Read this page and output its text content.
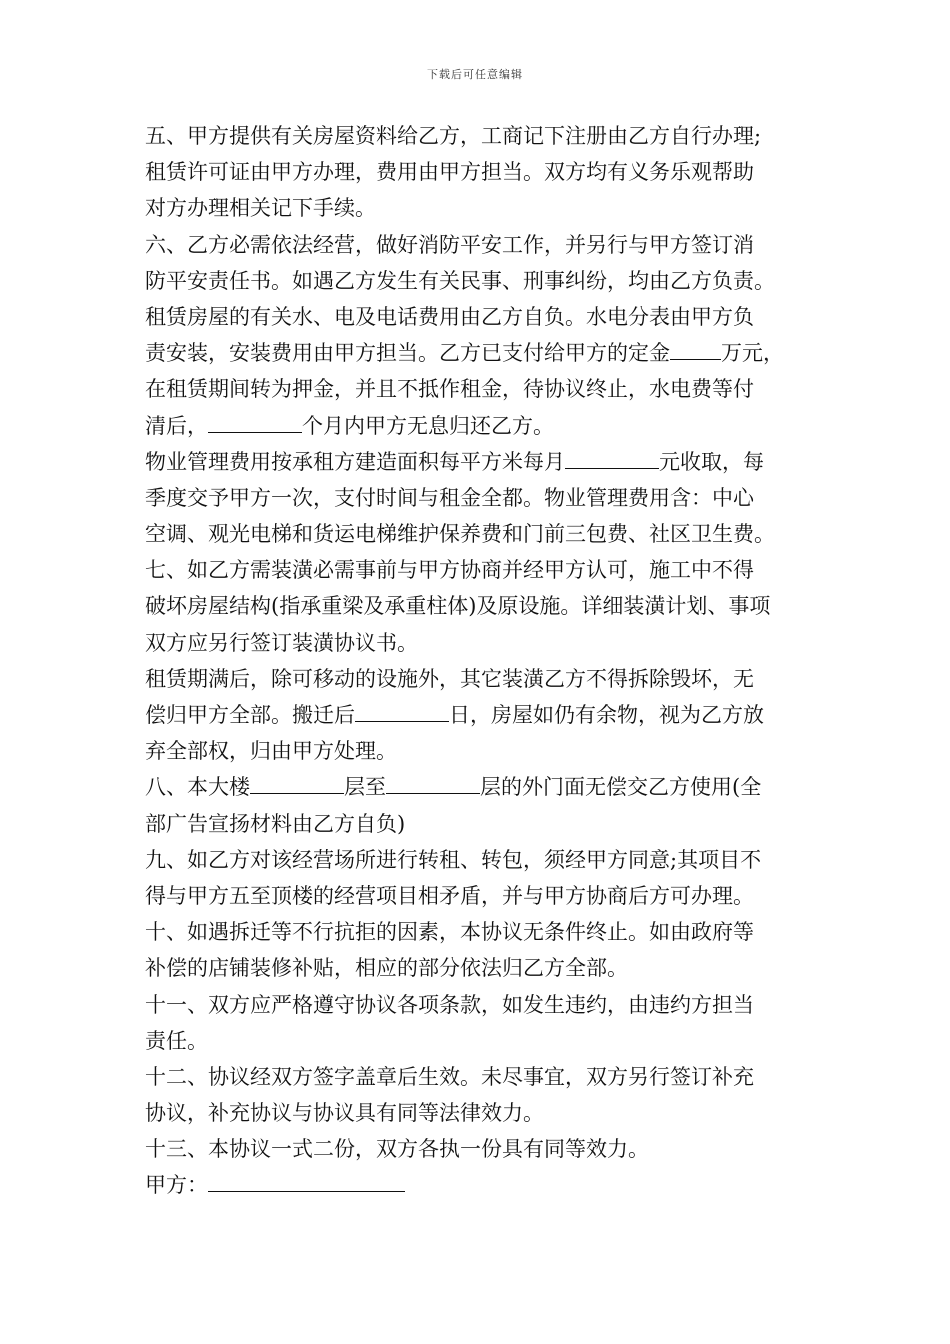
下载后可任意编辑
五、甲方提供有关房屋资料给乙方，工商记下注册由乙方自行办理;
租赁许可证由甲方办理，费用由甲方担当。双方均有义务乐观帮助
对方办理相关记下手续。
六、乙方必需依法经营，做好消防平安工作，并另行与甲方签订消
防平安责任书。如遇乙方发生有关民事、刑事纠纷，均由乙方负责。
租赁房屋的有关水、电及电话费用由乙方自负。水电分表由甲方负
责安装，安装费用由甲方担当。乙方已支付给甲方的定金 万元，
在租赁期间转为押金，并且不抵作租金，待协议终止，水电费等付
清后，	个月内甲方无息归还乙方。
物业管理费用按承租方建造面积每平方米每月	元收取，每
季度交予甲方一次，支付时间与租金全都。物业管理费用含：中心
空调、观光电梯和货运电梯维护保养费和门前三包费、社区卫生费。
七、如乙方需装潢必需事前与甲方协商并经甲方认可，施工中不得
破坏房屋结构(指承重梁及承重柱体)及原设施。详细装潢计划、事项
双方应另行签订装潢协议书。
租赁期满后，除可移动的设施外，其它装潢乙方不得拆除毁坏，无
偿归甲方全部。搬迁后	日，房屋如仍有余物，视为乙方放
弃全部权，归由甲方处理。
八、本大楼	层至	层的外门面无偿交乙方使用(全
部广告宣扬材料由乙方自负)
九、如乙方对该经营场所进行转租、转包，须经甲方同意;其项目不
得与甲方五至顶楼的经营项目相矛盾，并与甲方协商后方可办理。
十、如遇拆迁等不行抗拒的因素，本协议无条件终止。如由政府等
补偿的店铺装修补贴，相应的部分依法归乙方全部。
十一、双方应严格遵守协议各项条款，如发生违约，由违约方担当
责任。
十二、协议经双方签字盖章后生效。未尽事宜，双方另行签订补充
协议，补充协议与协议具有同等法律效力。
十三、本协议一式二份，双方各执一份具有同等效力。
甲方：
